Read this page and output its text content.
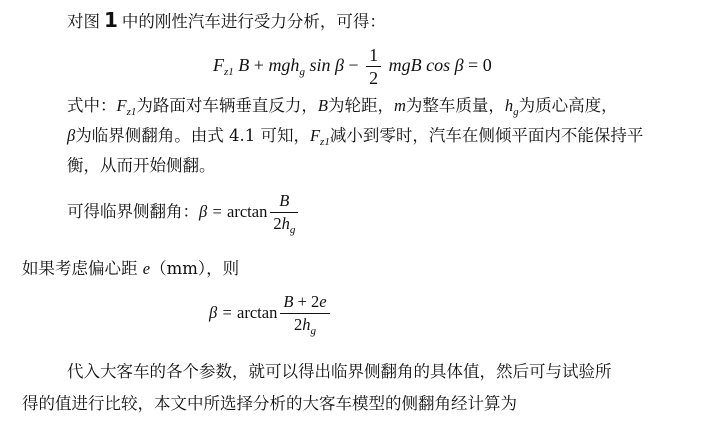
对图 1 中的刚性汽车进行受力分析，可得：
$F_{z1}$ B + mgh$_g$ $\sin \beta - \frac{1}{2}$ mgB cos β = 0
式中：$F_{z1}$为路面对车辆垂直反力，B为轮距，m为整车质量，$h_g$为质心高度，
β为临界侧翻角。由式 4.1 可知，$F_{z1}$减小到零时，汽车在侧倾平面内不能保持平
衡，从而开始侧翻。
可得临界侧翻角：$\beta = \arctan \frac{B}{2h_g}$
如果考虑偏心距 e（mm），则
$\beta = \arctan \frac{B + 2e}{2h_g}$
代入大客车的各个参数，就可以得出临界侧翻角的具体值，然后可与试验所
得的值进行比较，本文中所选择分析的大客车模型的侧翻角经计算为
